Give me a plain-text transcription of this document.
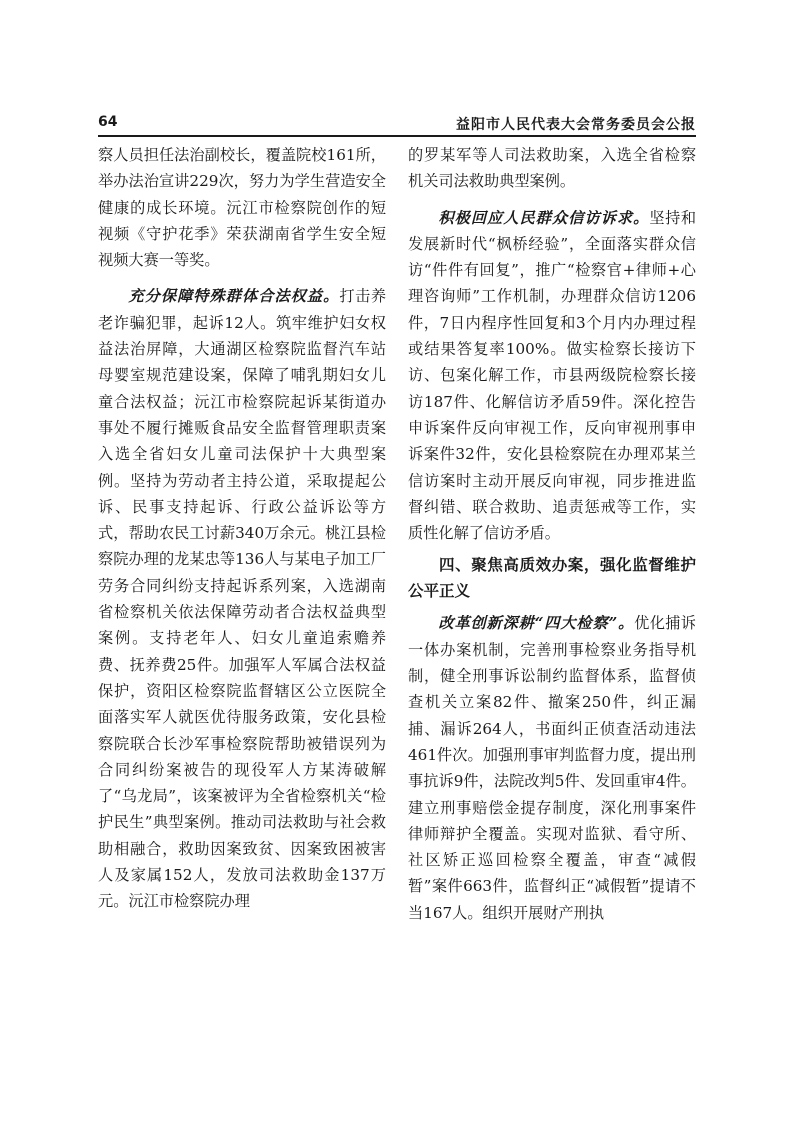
64	益阳市人民代表大会常务委员会公报

察人员担任法治副校长，覆盖院校161所，举办法治宣讲229次，努力为学生营造安全健康的成长环境。沅江市检察院创作的短视频《守护花季》荣获湖南省学生安全短视频大赛一等奖。

充分保障特殊群体合法权益。打击养老诈骗犯罪，起诉12人。筑牢维护妇女权益法治屏障，大通湖区检察院监督汽车站母婴室规范建设案，保障了哺乳期妇女儿童合法权益；沅江市检察院起诉某街道办事处不履行摊贩食品安全监督管理职责案入选全省妇女儿童司法保护十大典型案例。坚持为劳动者主持公道，采取提起公诉、民事支持起诉、行政公益诉讼等方式，帮助农民工讨薪340万余元。桃江县检察院办理的龙某忠等136人与某电子加工厂劳务合同纠纷支持起诉系列案，入选湖南省检察机关依法保障劳动者合法权益典型案例。支持老年人、妇女儿童追索赡养费、抚养费25件。加强军人军属合法权益保护，资阳区检察院监督辖区公立医院全面落实军人就医优待服务政策，安化县检察院联合长沙军事检察院帮助被错误列为合同纠纷案被告的现役军人方某涛破解了“乌龙局”，该案被评为全省检察机关“检护民生”典型案例。推动司法救助与社会救助相融合，救助因案致贫、因案致困被害人及家属152人，发放司法救助金137万元。沅江市检察院办理

的罗某军等人司法救助案，入选全省检察机关司法救助典型案例。

积极回应人民群众信访诉求。坚持和发展新时代“枫桥经验”，全面落实群众信访“件件有回复”，推广“检察官+律师+心理咨询师”工作机制，办理群众信访1206件，7日内程序性回复和3个月内办理过程或结果答复率100%。做实检察长接访下访、包案化解工作，市县两级院检察长接访187件、化解信访矛盾59件。深化控告申诉案件反向审视工作，反向审视刑事申诉案件32件，安化县检察院在办理邓某兰信访案时主动开展反向审视，同步推进监督纠错、联合救助、追责惩戒等工作，实质性化解了信访矛盾。

四、聚焦高质效办案，强化监督维护公平正义

改革创新深耕“四大检察”。优化捕诉一体办案机制，完善刑事检察业务指导机制，健全刑事诉讼制约监督体系，监督侦查机关立案82件、撤案250件，纠正漏捕、漏诉264人，书面纠正侦查活动违法461件次。加强刑事审判监督力度，提出刑事抗诉9件，法院改判5件、发回重审4件。建立刑事赔偿金提存制度，深化刑事案件律师辩护全覆盖。实现对监狱、看守所、社区矫正巡回检察全覆盖，审查“减假暂”案件663件，监督纠正“减假暂”提请不当167人。组织开展财产刑执
